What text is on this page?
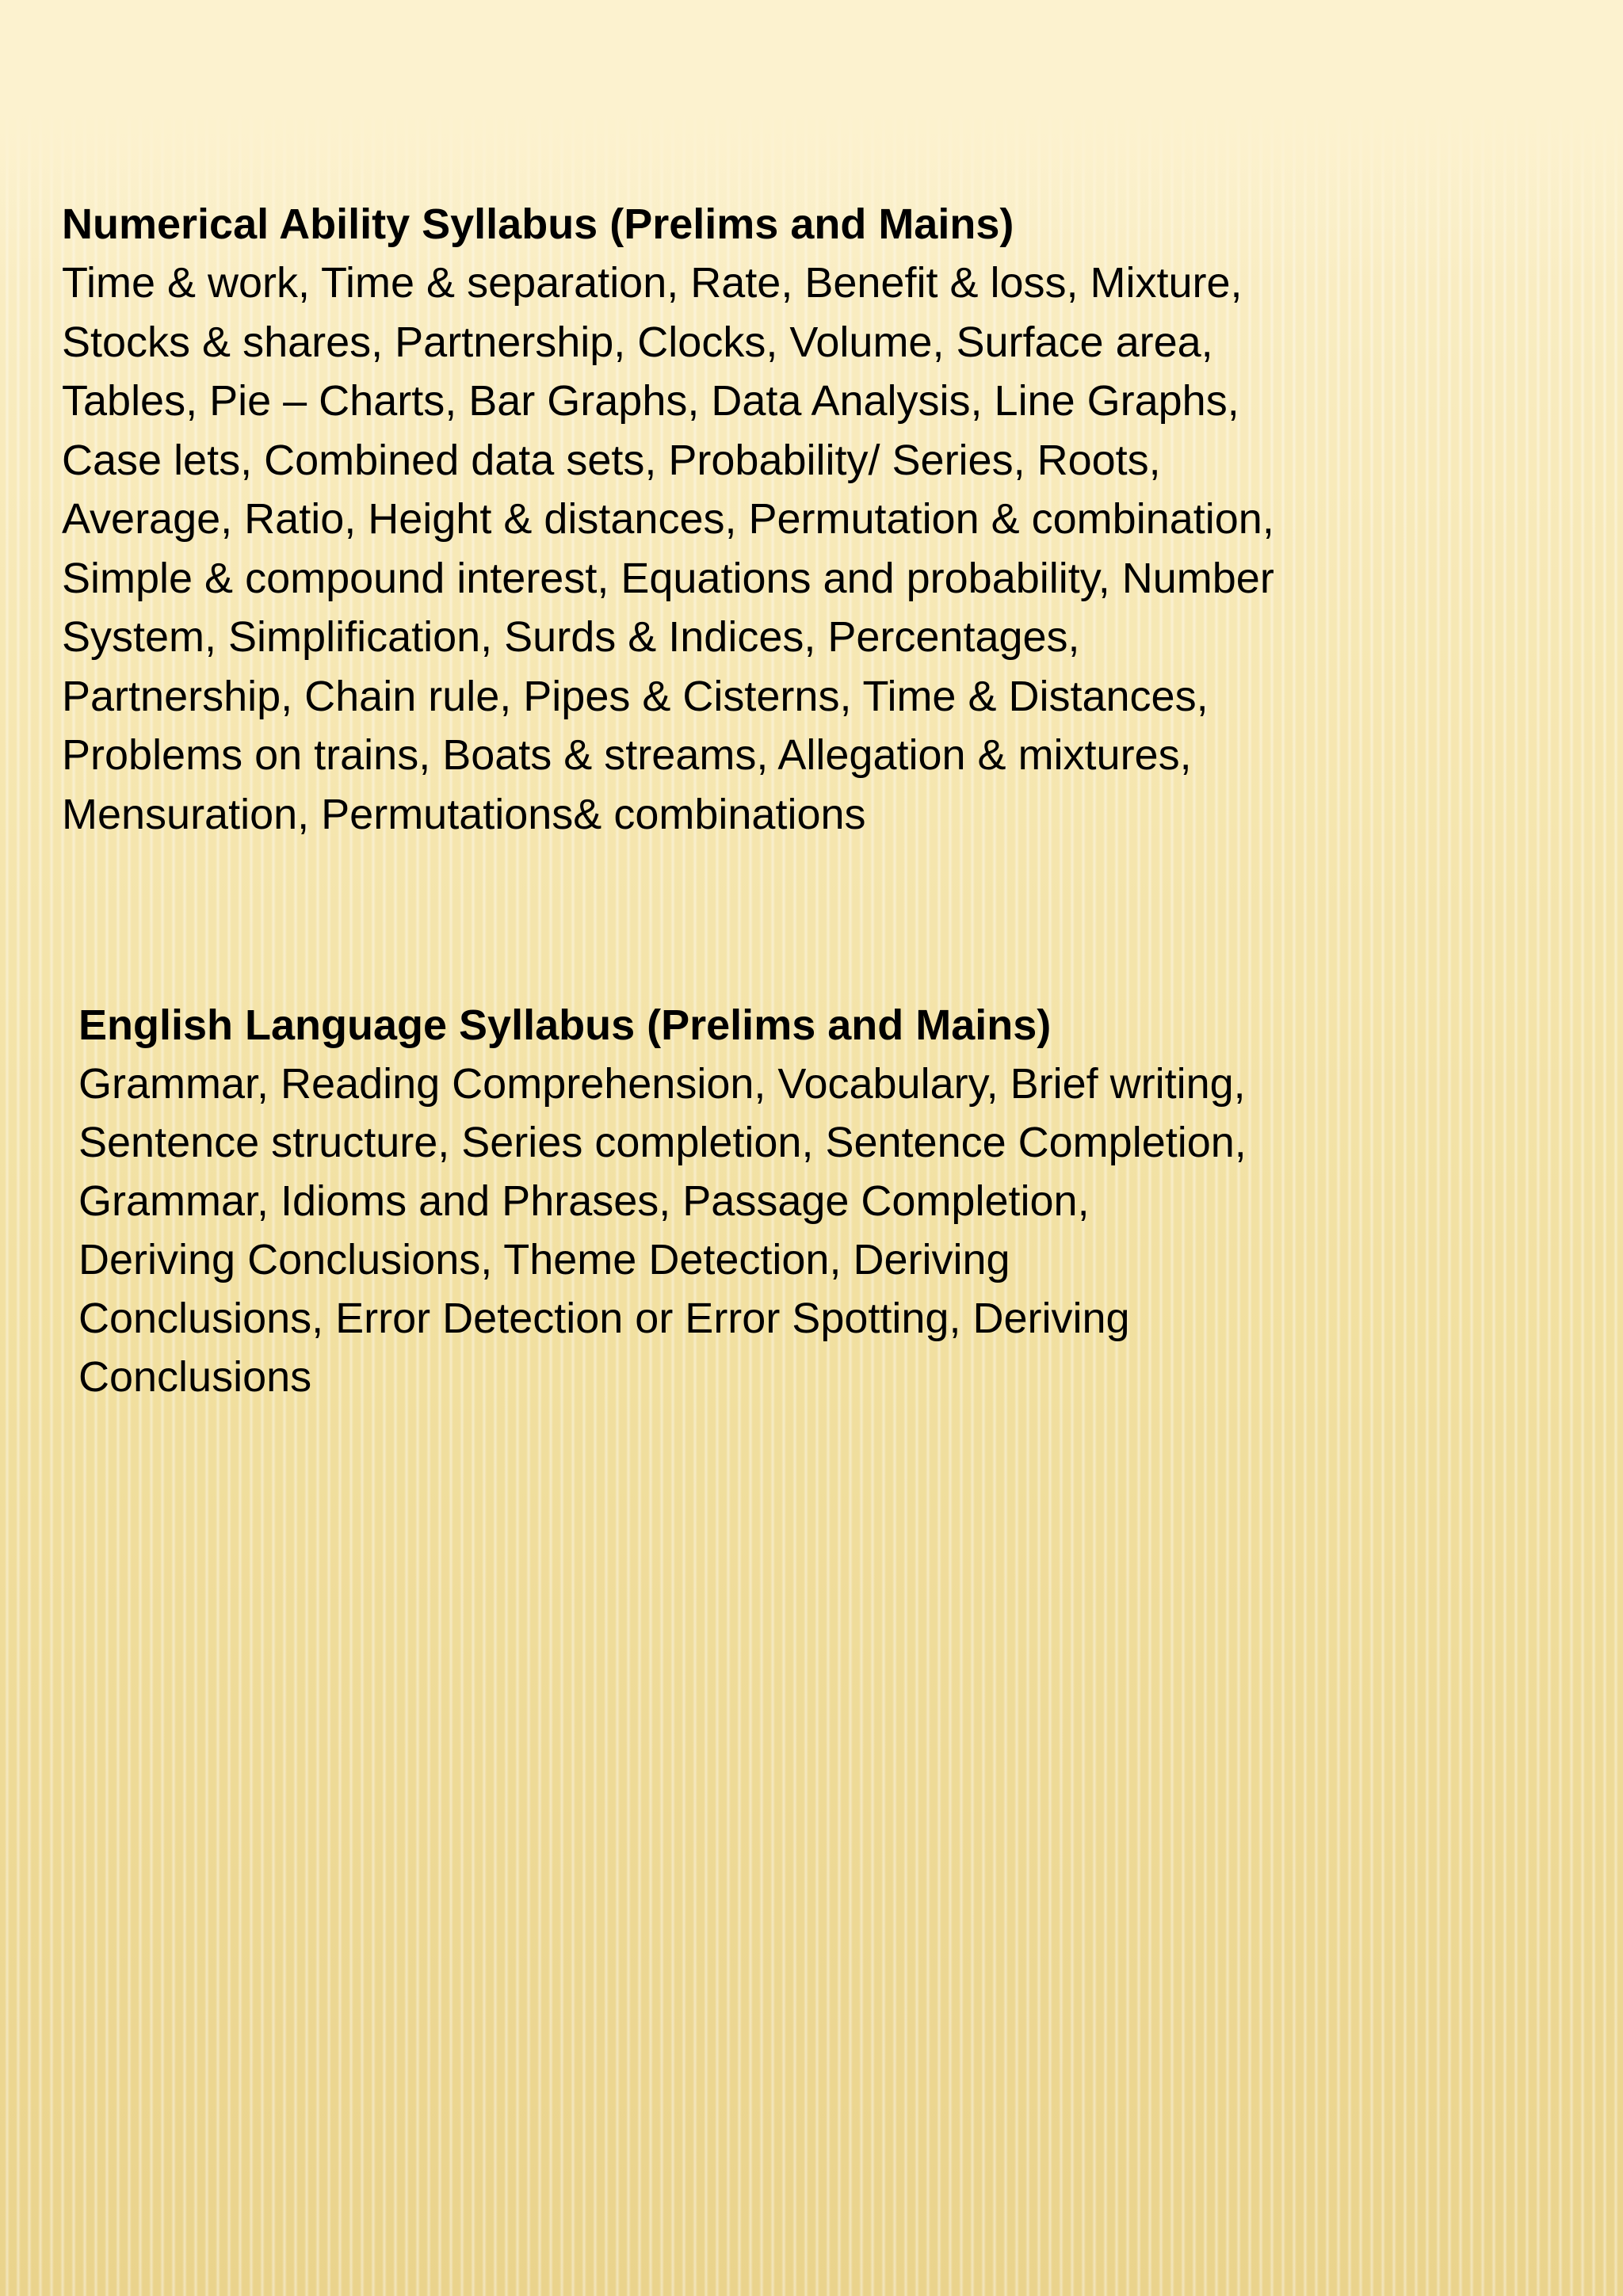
Numerical Ability Syllabus (Prelims and Mains)
Time & work, Time & separation, Rate, Benefit & loss, Mixture,
Stocks & shares, Partnership, Clocks, Volume, Surface area,
Tables, Pie – Charts, Bar Graphs, Data Analysis, Line Graphs,
Case lets, Combined data sets, Probability/ Series, Roots,
Average, Ratio, Height & distances, Permutation & combination,
Simple & compound interest, Equations and probability, Number
System, Simplification, Surds & Indices, Percentages,
Partnership, Chain rule, Pipes & Cisterns, Time & Distances,
Problems on trains, Boats & streams, Allegation & mixtures,
Mensuration, Permutations& combinations
English Language Syllabus (Prelims and Mains)
Grammar, Reading Comprehension, Vocabulary, Brief writing,
Sentence structure, Series completion, Sentence Completion,
Grammar, Idioms and Phrases, Passage Completion,
Deriving Conclusions, Theme Detection, Deriving
Conclusions, Error Detection or Error Spotting, Deriving
Conclusions
